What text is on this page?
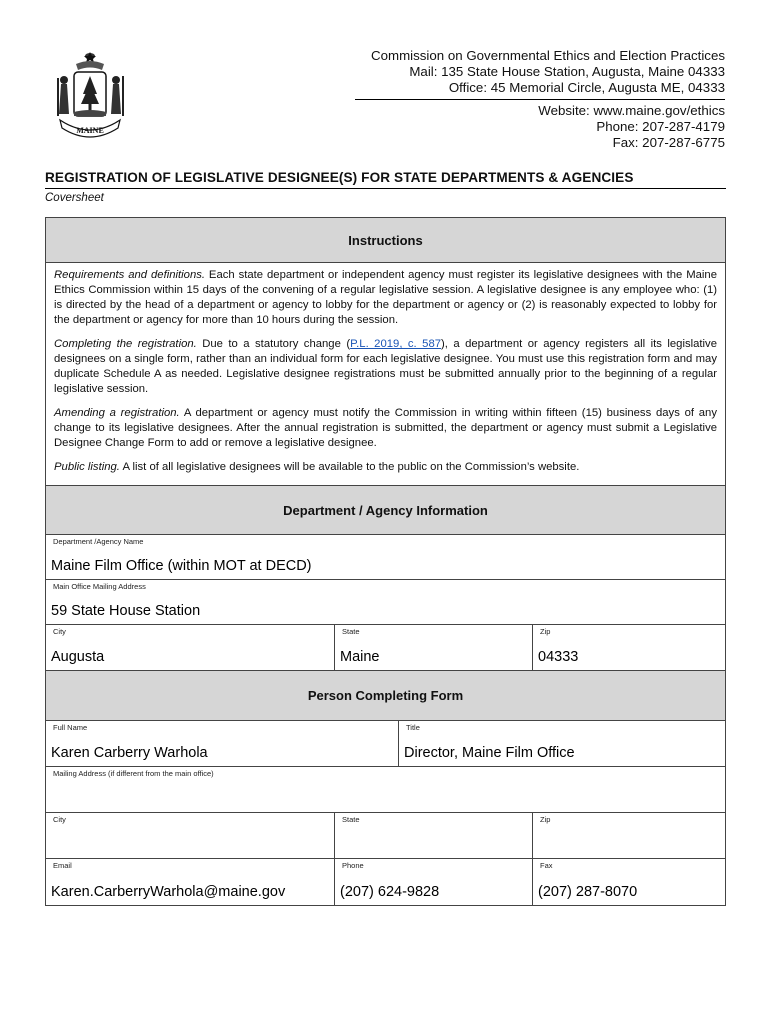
MAINE
Commission on Governmental Ethics and Election Practices
Mail: 135 State House Station, Augusta, Maine 04333
Office: 45 Memorial Circle, Augusta ME, 04333
Website: www.maine.gov/ethics
Phone: 207-287-4179
Fax: 207-287-6775
REGISTRATION OF LEGISLATIVE DESIGNEE(S) FOR STATE DEPARTMENTS & AGENCIES
Coversheet
Instructions

Requirements and definitions. Each state department or independent agency must register its legislative designees with the Maine Ethics Commission within 15 days of the convening of a regular legislative session. A legislative designee is any employee who: (1) is directed by the head of a department or agency to lobby for the department or agency or (2) is reasonably expected to lobby for the department or agency for more than 10 hours during the session.

Completing the registration. Due to a statutory change (P.L. 2019, c. 587), a department or agency registers all its legislative designees on a single form, rather than an individual form for each legislative designee. You must use this registration form and may duplicate Schedule A as needed. Legislative designee registrations must be submitted annually prior to the beginning of a regular legislative session.

Amending a registration. A department or agency must notify the Commission in writing within fifteen (15) business days of any change to its legislative designees. After the annual registration is submitted, the department or agency must submit a Legislative Designee Change Form to add or remove a legislative designee.

Public listing. A list of all legislative designees will be available to the public on the Commission’s website.

Department / Agency Information
Department /Agency Name
Maine Film Office (within MOT at DECD)
Main Office Mailing Address
59 State House Station
City
Augusta
State
Maine
Zip
04333
Person Completing Form
Full Name
Karen Carberry Warhola
Title
Director, Maine Film Office
Mailing Address (if different from the main office)
City	State	Zip
Email
Karen.CarberryWarhola@maine.gov
Phone
(207) 624-9828
Fax
(207) 287-8070
